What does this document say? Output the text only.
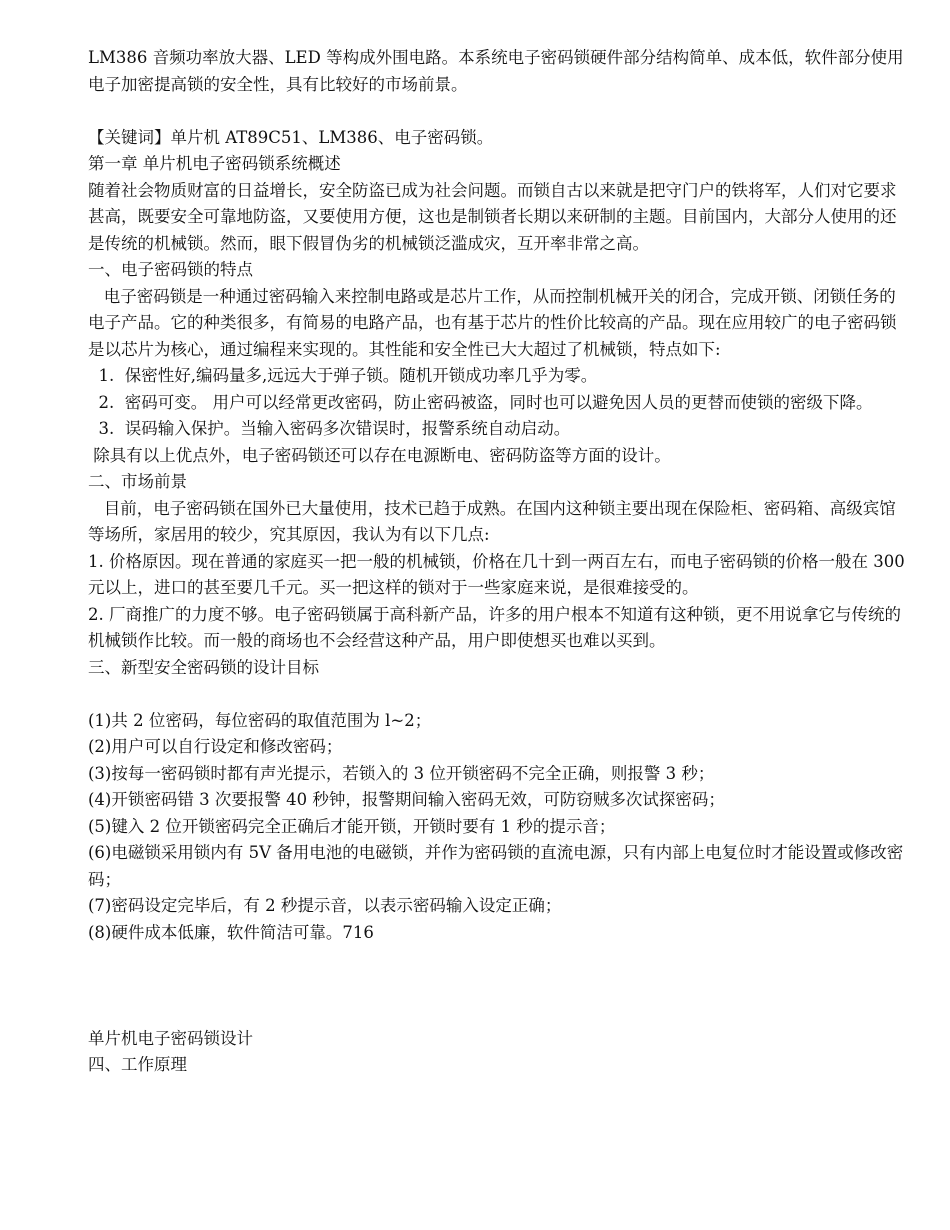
LM386 音频功率放大器、LED 等构成外围电路。本系统电子密码锁硬件部分结构简单、成本低，软件部分使用电子加密提高锁的安全性，具有比较好的市场前景。

【关键词】单片机 AT89C51、LM386、电子密码锁。

第一章 单片机电子密码锁系统概述

随着社会物质财富的日益增长，安全防盗已成为社会问题。而锁自古以来就是把守门户的铁将军，人们对它要求甚高，既要安全可靠地防盗，又要使用方便，这也是制锁者长期以来研制的主题。目前国内，大部分人使用的还是传统的机械锁。然而，眼下假冒伪劣的机械锁泛滥成灾，互开率非常之高。

一、电子密码锁的特点

电子密码锁是一种通过密码输入来控制电路或是芯片工作，从而控制机械开关的闭合，完成开锁、闭锁任务的电子产品。它的种类很多，有简易的电路产品，也有基于芯片的性价比较高的产品。现在应用较广的电子密码锁是以芯片为核心，通过编程来实现的。其性能和安全性已大大超过了机械锁，特点如下:

1.  保密性好,编码量多,远远大于弹子锁。随机开锁成功率几乎为零。

2.  密码可变。 用户可以经常更改密码，防止密码被盗，同时也可以避免因人员的更替而使锁的密级下降。

3.  误码输入保护。当输入密码多次错误时，报警系统自动启动。

除具有以上优点外，电子密码锁还可以存在电源断电、密码防盗等方面的设计。

二、市场前景

目前，电子密码锁在国外已大量使用，技术已趋于成熟。在国内这种锁主要出现在保险柜、密码箱、高级宾馆等场所，家居用的较少，究其原因，我认为有以下几点:

1. 价格原因。现在普通的家庭买一把一般的机械锁，价格在几十到一两百左右，而电子密码锁的价格一般在 300 元以上，进口的甚至要几千元。买一把这样的锁对于一些家庭来说，是很难接受的。

2. 厂商推广的力度不够。电子密码锁属于高科新产品，许多的用户根本不知道有这种锁，更不用说拿它与传统的机械锁作比较。而一般的商场也不会经营这种产品，用户即使想买也难以买到。

三、新型安全密码锁的设计目标

(1)共 2 位密码，每位密码的取值范围为 l~2；

(2)用户可以自行设定和修改密码；

(3)按每一密码锁时都有声光提示，若锁入的 3 位开锁密码不完全正确，则报警 3 秒；

(4)开锁密码错 3 次要报警 40 秒钟，报警期间输入密码无效，可防窃贼多次试探密码；

(5)键入 2 位开锁密码完全正确后才能开锁，开锁时要有 1 秒的提示音；

(6)电磁锁采用锁内有 5V 备用电池的电磁锁，并作为密码锁的直流电源，只有内部上电复位时才能设置或修改密码；

(7)密码设定完毕后，有 2 秒提示音，以表示密码输入设定正确；

(8)硬件成本低廉，软件简洁可靠。716

单片机电子密码锁设计

四、工作原理
